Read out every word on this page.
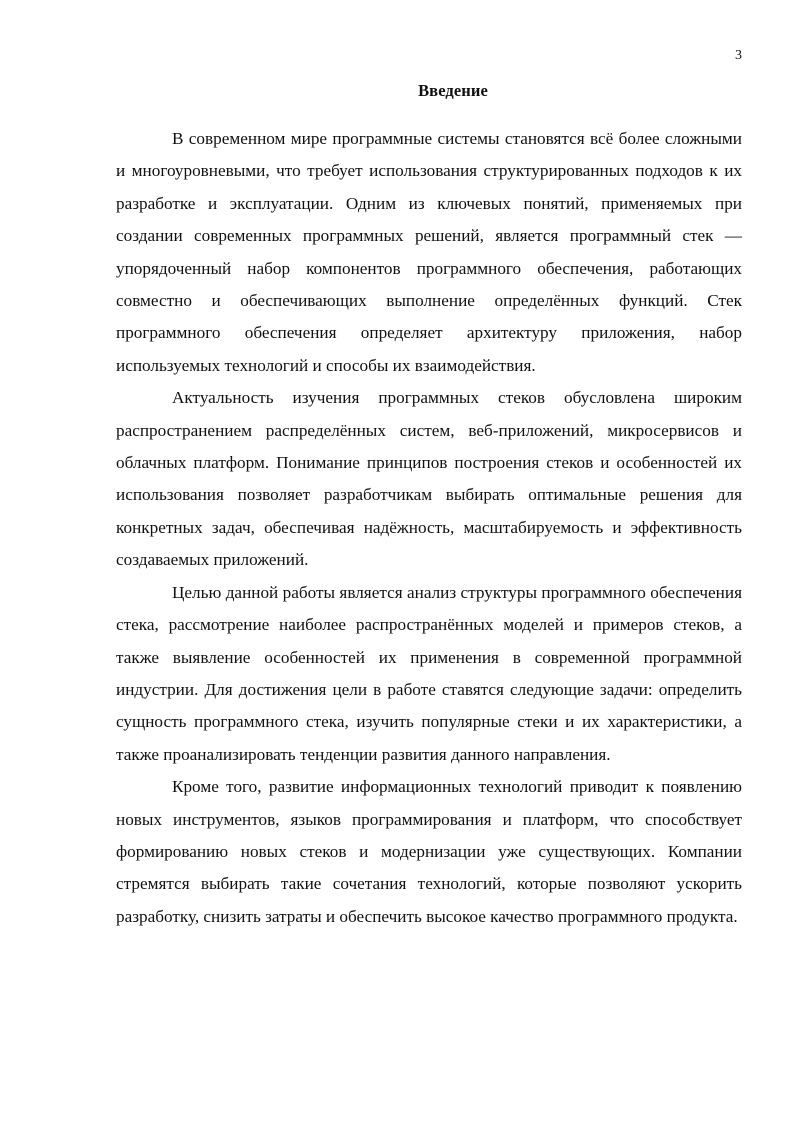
3
Введение

В современном мире программные системы становятся всё более сложными и многоуровневыми, что требует использования структурированных подходов к их разработке и эксплуатации. Одним из ключевых понятий, применяемых при создании современных программных решений, является программный стек — упорядоченный набор компонентов программного обеспечения, работающих совместно и обеспечивающих выполнение определённых функций. Стек программного обеспечения определяет архитектуру приложения, набор используемых технологий и способы их взаимодействия.

Актуальность изучения программных стеков обусловлена широким распространением распределённых систем, веб-приложений, микросервисов и облачных платформ. Понимание принципов построения стеков и особенностей их использования позволяет разработчикам выбирать оптимальные решения для конкретных задач, обеспечивая надёжность, масштабируемость и эффективность создаваемых приложений.

Целью данной работы является анализ структуры программного обеспечения стека, рассмотрение наиболее распространённых моделей и примеров стеков, а также выявление особенностей их применения в современной программной индустрии. Для достижения цели в работе ставятся следующие задачи: определить сущность программного стека, изучить популярные стеки и их характеристики, а также проанализировать тенденции развития данного направления.

Кроме того, развитие информационных технологий приводит к появлению новых инструментов, языков программирования и платформ, что способствует формированию новых стеков и модернизации уже существующих. Компании стремятся выбирать такие сочетания технологий, которые позволяют ускорить разработку, снизить затраты и обеспечить высокое качество программного продукта.
